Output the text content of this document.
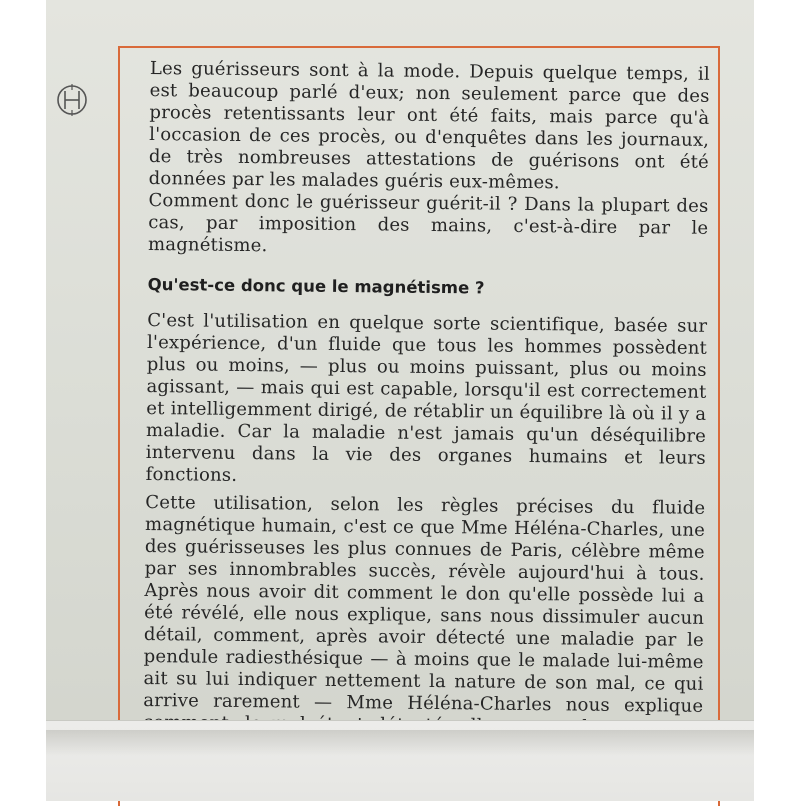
Les guérisseurs sont à la mode. Depuis quelque temps, il est beaucoup parlé d'eux; non seulement parce que des procès retentissants leur ont été faits, mais parce qu'à l'occasion de ces procès, ou d'enquêtes dans les journaux, de très nombreuses attestations de guérisons ont été données par les malades guéris eux-mêmes.

Comment donc le guérisseur guérit-il ? Dans la plupart des cas, par imposition des mains, c'est-à-dire par le magnétisme.

Qu'est-ce donc que le magnétisme ?

C'est l'utilisation en quelque sorte scientifique, basée sur l'expérience, d'un fluide que tous les hommes possèdent plus ou moins, — plus ou moins puissant, plus ou moins agissant, — mais qui est capable, lorsqu'il est correctement et intelligemment dirigé, de rétablir un équilibre là où il y a maladie. Car la maladie n'est jamais qu'un déséquilibre intervenu dans la vie des organes humains et leurs fonctions.

Cette utilisation, selon les règles précises du fluide magnétique humain, c'est ce que Mme Héléna-Charles, une des guérisseuses les plus connues de Paris, célèbre même par ses innombrables succès, révèle aujourd'hui à tous. Après nous avoir dit comment le don qu'elle possède lui a été révélé, elle nous explique, sans nous dissimuler aucun détail, comment, après avoir détecté une maladie par le pendule radiesthésique — à moins que le malade lui-même ait su lui indiquer nettement la nature de son mal, ce qui arrive rarement — Mme Héléna-Charles nous explique
